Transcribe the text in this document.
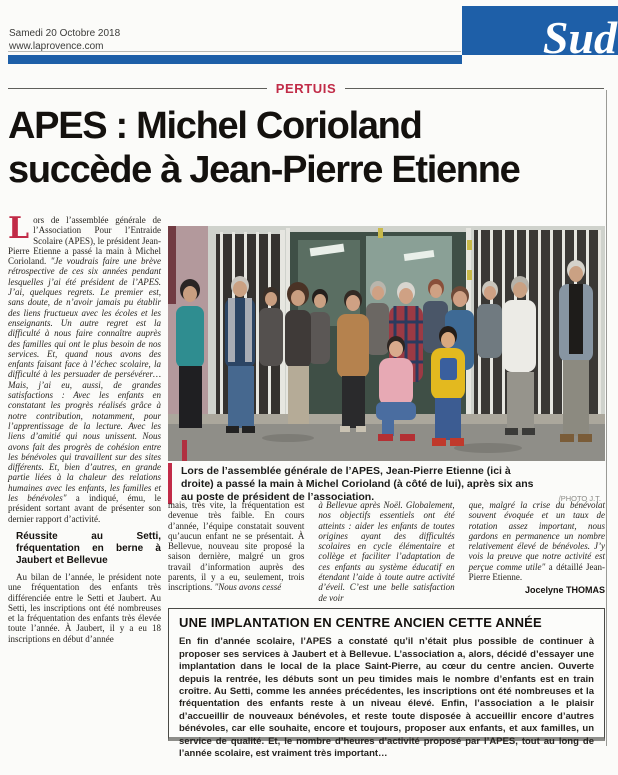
Samedi 20 Octobre 2018
www.laprovence.com	Sud
PERTUIS
APES : Michel Corioland
succède à Jean-Pierre Etienne

Lors de l’assemblée générale de l’Association Pour l’Entraide Scolaire (APES), le président Jean-Pierre Etienne a passé la main à Michel Corioland. "Je voudrais faire une brève rétrospective de ces six années pendant lesquelles j’ai été président de l’APES. J’ai, quelques regrets. Le premier est, sans doute, de n’avoir jamais pu établir des liens fructueux avec les écoles et les enseignants. Un autre regret est la difficulté à nous faire connaître auprès des familles qui ont le plus besoin de nos services. Et, quand nous avons des enfants faisant face à l’échec scolaire, la difficulté à les persuader de persévérer… Mais, j’ai eu, aussi, de grandes satisfactions : Avec les enfants en constatant les progrès réalisés grâce à notre contribution, notamment, pour l’apprentissage de la lecture. Avec les liens d’amitié qui nous unissent. Nous avons fait des progrès de cohésion entre les bénévoles qui travaillent sur des sites différents. Et, bien d’autres, en grande partie liées à la chaleur des relations humaines avec les enfants, les familles et les bénévoles" a indiqué, ému, le président sortant avant de présenter son dernier rapport d’activité.

Réussite au Setti, fréquentation en berne à Jaubert et Bellevue

Au bilan de l’année, le président note une fréquentation des enfants très différenciée entre le Setti et Jaubert. Au Setti, les inscriptions ont été nombreuses et la fréquentation des enfants très élevée toute l’année. À Jaubert, il y a eu 18 inscriptions en début d’année

Lors de l’assemblée générale de l’APES, Jean-Pierre Etienne (ici à droite) a passé la main à Michel Corioland (à côté de lui), après six ans au poste de président de l’association.	/PHOTO J.T.
mais, très vite, la fréquentation est devenue très faible. En cours d’année, l’équipe constatait souvent qu’aucun enfant ne se présentait. À Bellevue, nouveau site proposé la saison dernière, malgré un gros travail d’information auprès des parents, il y a eu, seulement, trois inscriptions. "Nous avons cessé
à Bellevue après Noël. Globalement, nos objectifs essentiels ont été atteints : aider les enfants de toutes origines ayant des difficultés scolaires en cycle élémentaire et collège et faciliter l’adaptation de ces enfants au système éducatif en étendant l’aide à toute autre activité d’éveil. C’est une belle satisfaction de voir
que, malgré la crise du bénévolat souvent évoquée et un taux de rotation assez important, nous gardons en permanence un nombre relativement élevé de bénévoles. J’y vois la preuve que notre activité est perçue comme utile" a détaillé Jean-Pierre Etienne.
Jocelyne THOMAS
UNE IMPLANTATION EN CENTRE ANCIEN CETTE ANNÉE
En fin d’année scolaire, l’APES a constaté qu’il n’était plus possible de continuer à proposer ses services à Jaubert et à Bellevue. L’association a, alors, décidé d’essayer une implantation dans le local de la place Saint-Pierre, au cœur du centre ancien. Ouverte depuis la rentrée, les débuts sont un peu timides mais le nombre d’enfants est en train croître. Au Setti, comme les années précédentes, les inscriptions ont été nombreuses et la fréquentation des enfants reste à un niveau élevé. Enfin, l’association a le plaisir d’accueillir de nouveaux bénévoles, et reste toute disposée à accueillir encore d’autres bénévoles, car elle souhaite, encore et toujours, proposer aux enfants, et aux familles, un service de qualité. Et, le nombre d’heures d’activité proposé par l’APES, tout au long de l’année scolaire, est vraiment très important…
